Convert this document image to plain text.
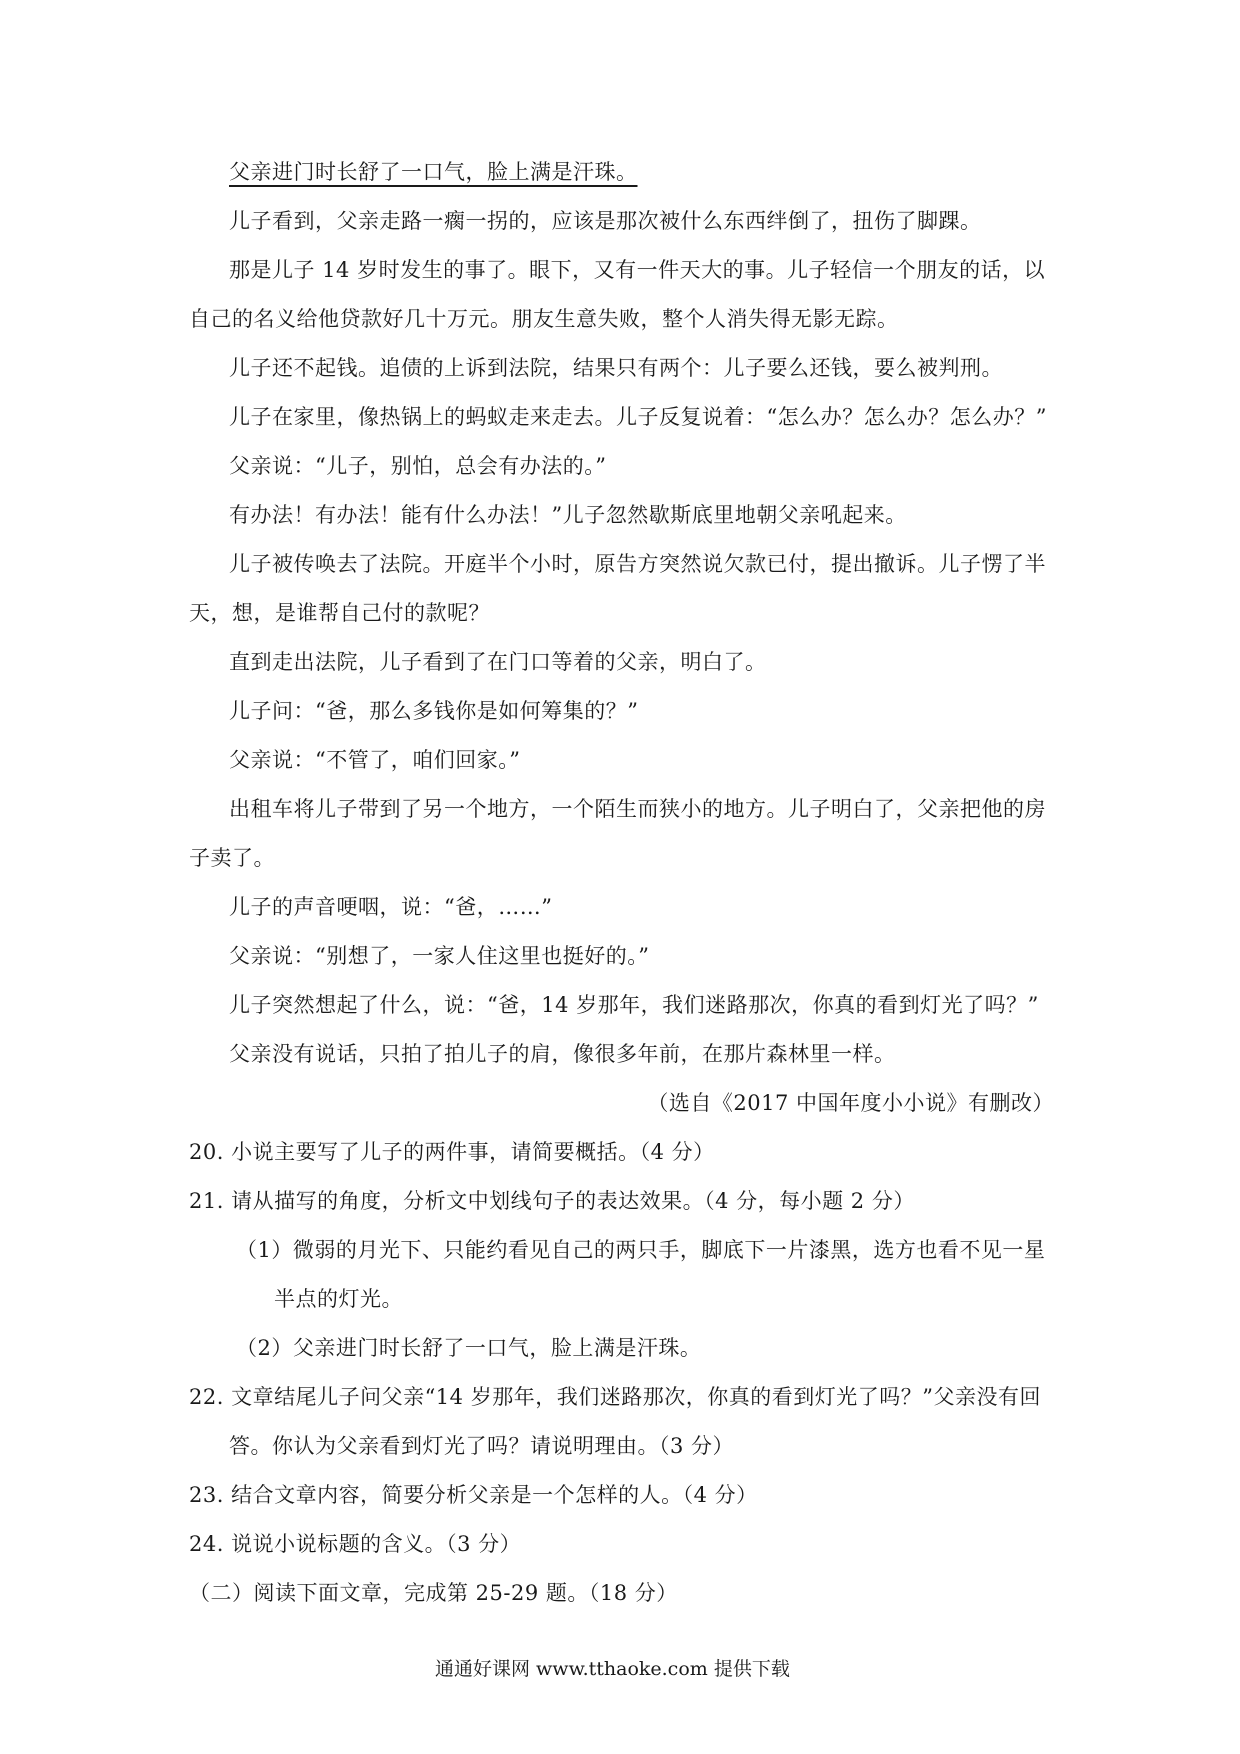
父亲进门时长舒了一口气，脸上满是汗珠。
儿子看到，父亲走路一瘸一拐的，应该是那次被什么东西绊倒了，扭伤了脚踝。
那是儿子 14 岁时发生的事了。眼下，又有一件天大的事。儿子轻信一个朋友的话，以
自己的名义给他贷款好几十万元。朋友生意失败，整个人消失得无影无踪。
儿子还不起钱。追债的上诉到法院，结果只有两个：儿子要么还钱，要么被判刑。
儿子在家里，像热锅上的蚂蚁走来走去。儿子反复说着：“怎么办？怎么办？怎么办？”
父亲说：“儿子，别怕，总会有办法的。”
有办法！有办法！能有什么办法！”儿子忽然歇斯底里地朝父亲吼起来。
儿子被传唤去了法院。开庭半个小时，原告方突然说欠款已付，提出撤诉。儿子愣了半
天，想，是谁帮自己付的款呢？
直到走出法院，儿子看到了在门口等着的父亲，明白了。
儿子问：“爸，那么多钱你是如何筹集的？”
父亲说：“不管了，咱们回家。”
出租车将儿子带到了另一个地方，一个陌生而狭小的地方。儿子明白了，父亲把他的房
子卖了。
儿子的声音哽咽，说：“爸，……”
父亲说：“别想了，一家人住这里也挺好的。”
儿子突然想起了什么，说：“爸，14 岁那年，我们迷路那次，你真的看到灯光了吗？”
父亲没有说话，只拍了拍儿子的肩，像很多年前，在那片森林里一样。
（选自《2017 中国年度小小说》有删改）
20. 小说主要写了儿子的两件事，请简要概括。（4 分）
21. 请从描写的角度，分析文中划线句子的表达效果。（4 分，每小题 2 分）
（1）微弱的月光下、只能约看见自己的两只手，脚底下一片漆黑，选方也看不见一星
半点的灯光。
（2）父亲进门时长舒了一口气，脸上满是汗珠。
22. 文章结尾儿子问父亲“14 岁那年，我们迷路那次，你真的看到灯光了吗？”父亲没有回
答。你认为父亲看到灯光了吗？请说明理由。（3 分）
23. 结合文章内容，简要分析父亲是一个怎样的人。（4 分）
24. 说说小说标题的含义。（3 分）
（二）阅读下面文章，完成第 25-29 题。（18 分）
通通好课网 www.tthaoke.com 提供下载
